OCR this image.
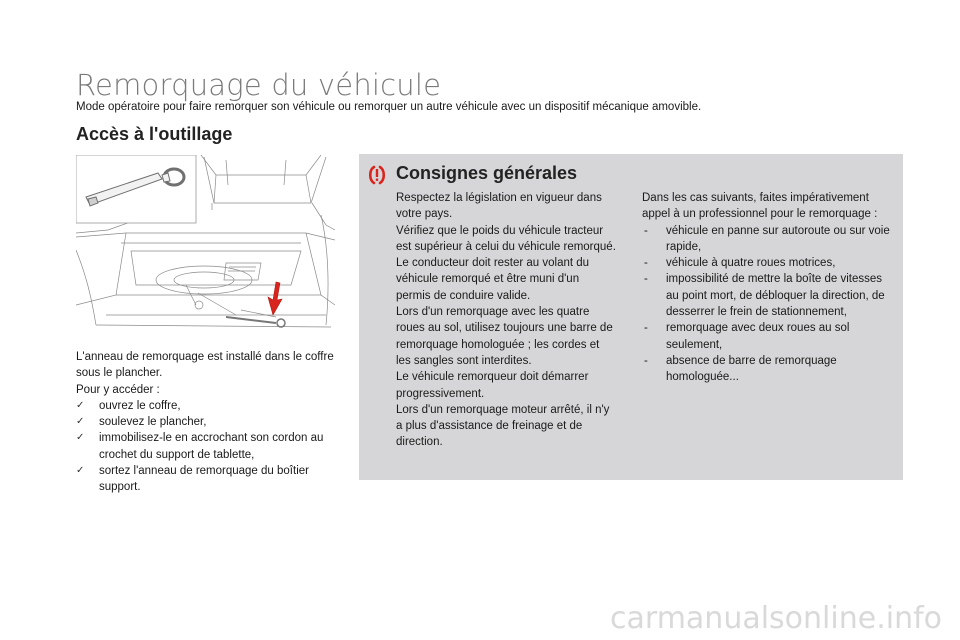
Remorquage du véhicule
Mode opératoire pour faire remorquer son véhicule ou remorquer un autre véhicule avec un dispositif mécanique amovible.
Accès à l'outillage

L'anneau de remorquage est installé dans le coffre sous le plancher.

Pour y accéder :

✓ ouvrez le coffre,
✓ soulevez le plancher,
✓ immobilisez-le en accrochant son cordon au crochet du support de tablette,
✓ sortez l'anneau de remorquage du boîtier support.
Consignes générales

Respectez la législation en vigueur dans votre pays.

Vérifiez que le poids du véhicule tracteur est supérieur à celui du véhicule remorqué.

Le conducteur doit rester au volant du véhicule remorqué et être muni d'un permis de conduire valide.

Lors d'un remorquage avec les quatre roues au sol, utilisez toujours une barre de remorquage homologuée ; les cordes et les sangles sont interdites.

Le véhicule remorqueur doit démarrer progressivement.

Lors d'un remorquage moteur arrêté, il n'y a plus d'assistance de freinage et de direction.

Dans les cas suivants, faites impérativement appel à un professionnel pour le remorquage :

- véhicule en panne sur autoroute ou sur voie rapide,
- véhicule à quatre roues motrices,
- impossibilité de mettre la boîte de vitesses au point mort, de débloquer la direction, de desserrer le frein de stationnement,
- remorquage avec deux roues au sol seulement,
- absence de barre de remorquage homologuée...
carmanualsonline.info
